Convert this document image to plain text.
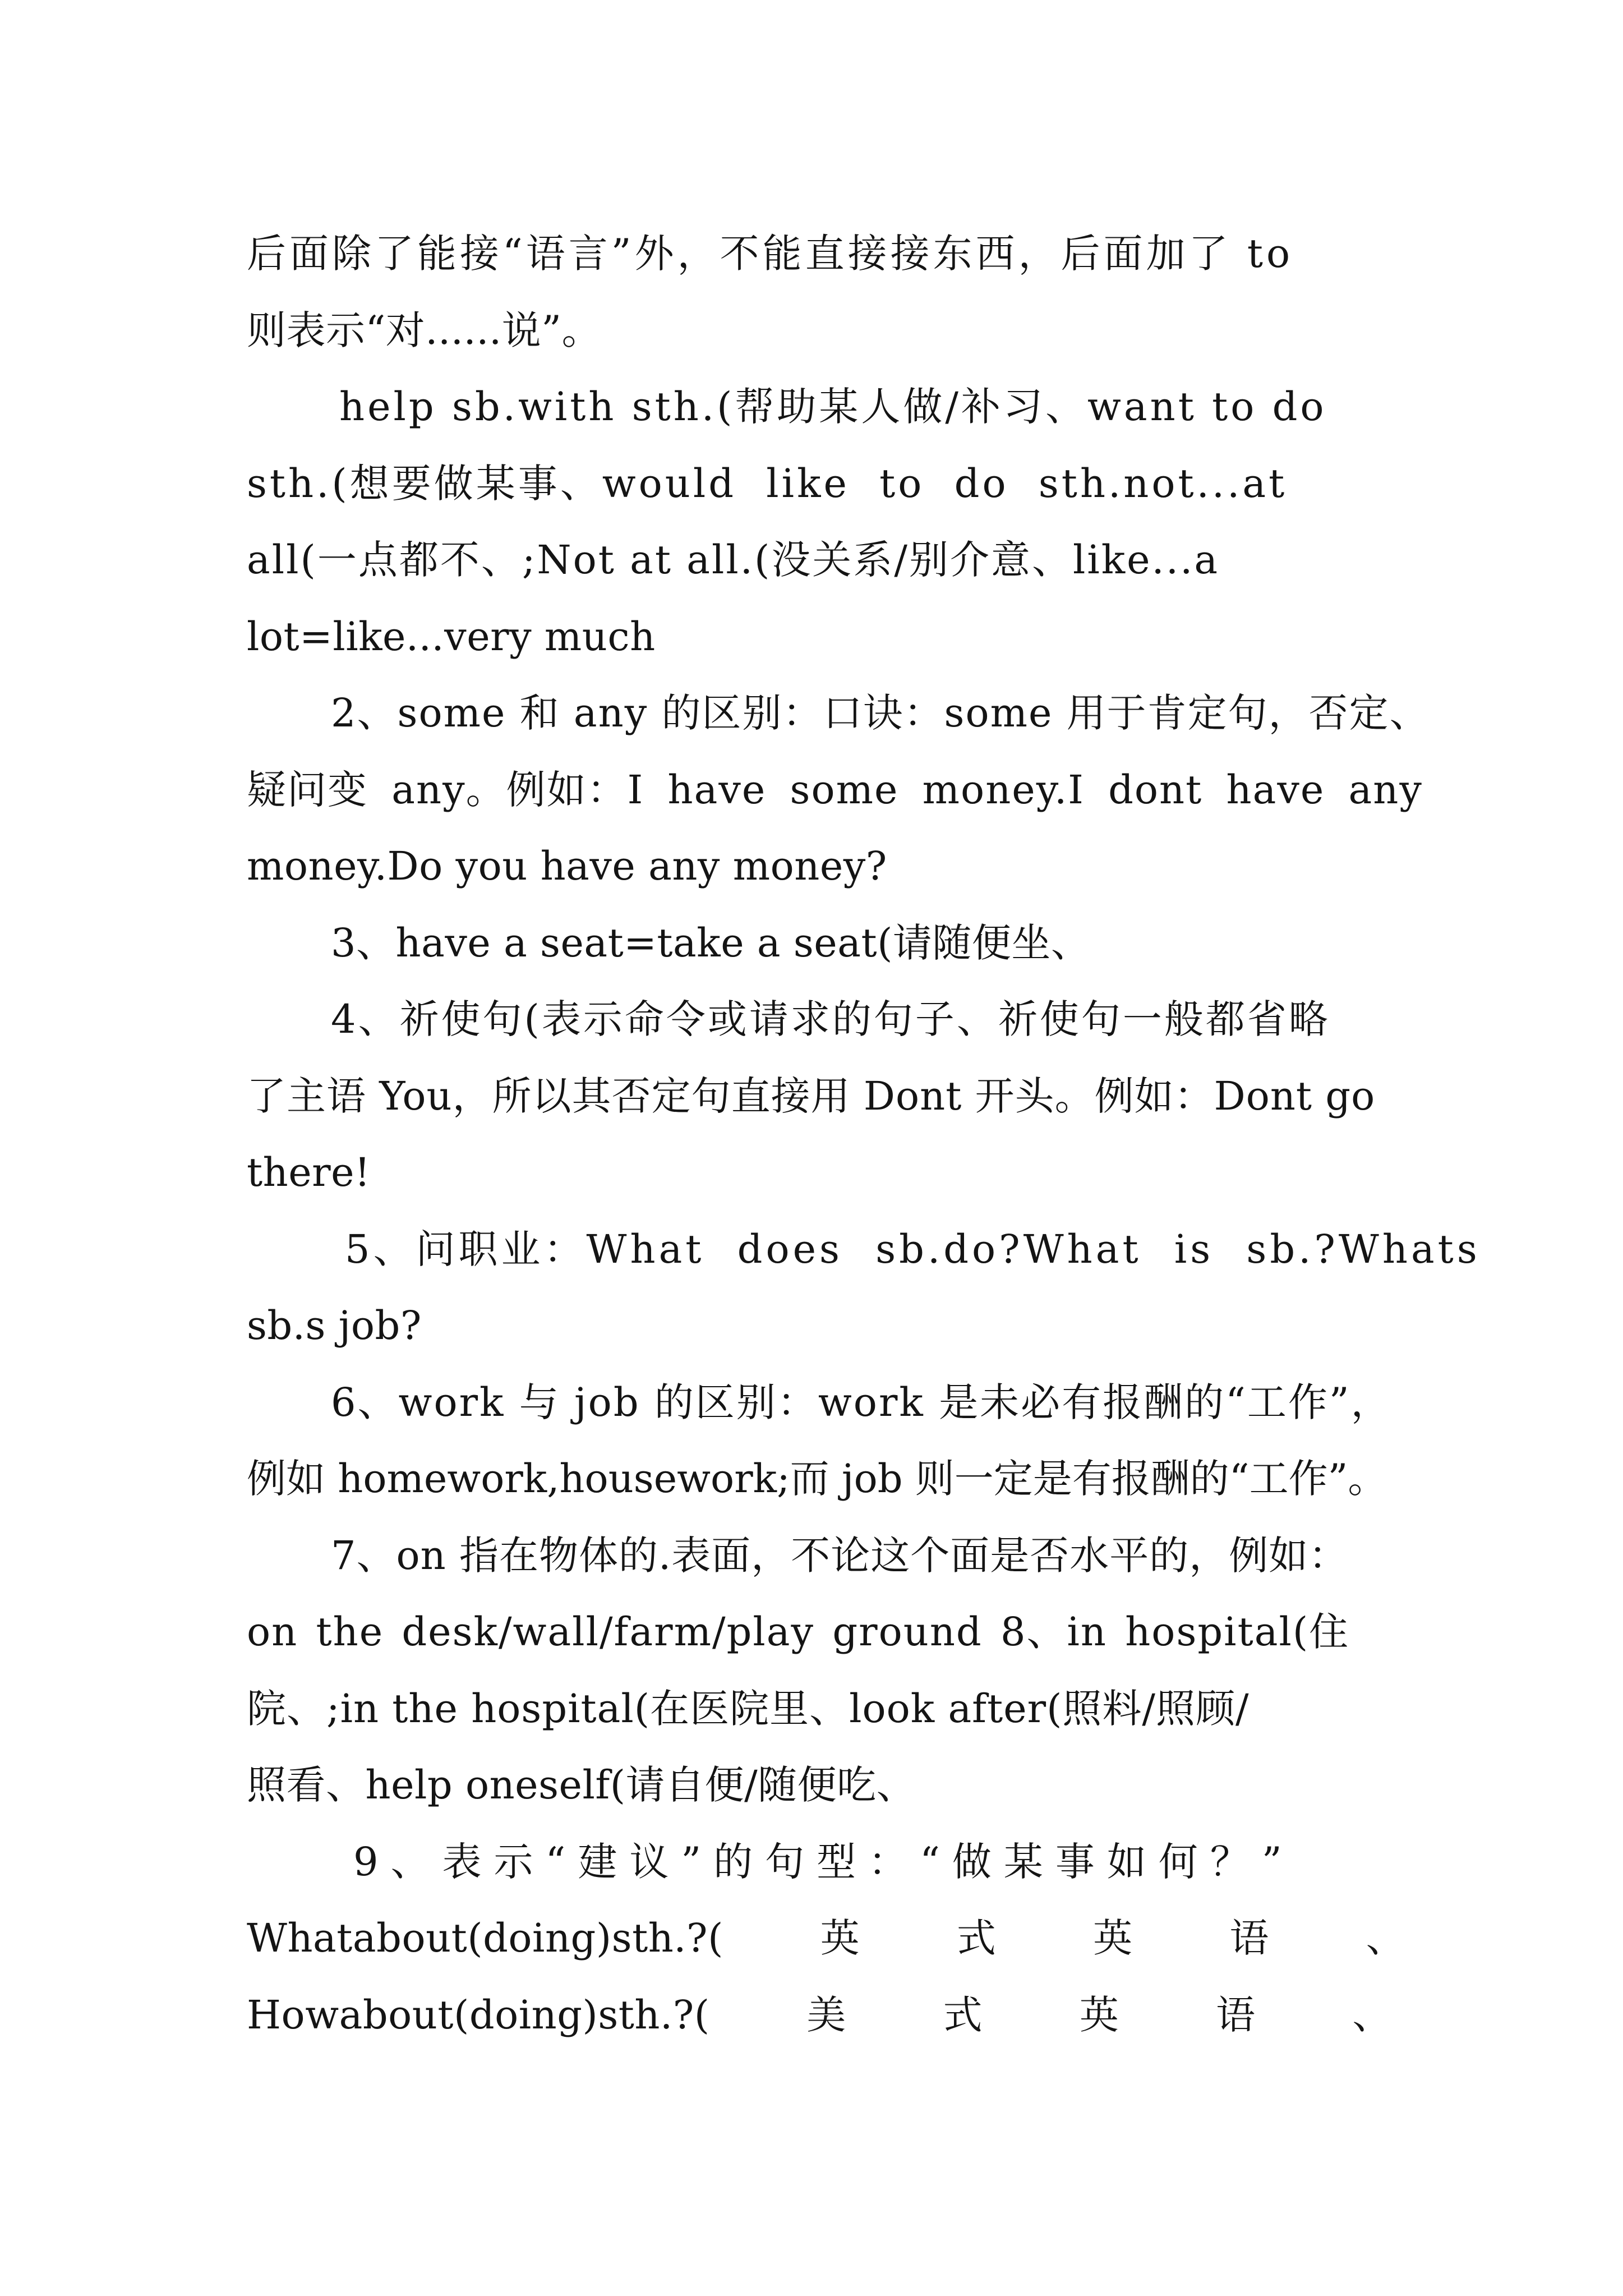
后面除了能接“语言”外，不能直接接东西，后面加了 to
则表示“对......说”。
help sb.with sth.(帮助某人做/补习、want to do
sth.(想要做某事、would like to do sth.not...at
all(一点都不、;Not at all.(没关系/别介意、like...a
lot=like...very much
2、some 和 any 的区别：口诀：some 用于肯定句，否定、
疑问变 any。例如：I have some money.I dont have any
money.Do you have any money?
3、have a seat=take a seat(请随便坐、
4、祈使句(表示命令或请求的句子、祈使句一般都省略
了主语 You，所以其否定句直接用 Dont 开头。例如：Dont go
there!
5、问职业：What does sb.do?What is sb.?Whats
sb.s job?
6、work 与 job 的区别：work 是未必有报酬的“工作”，
例如 homework,housework;而 job 则一定是有报酬的“工作”。
7、on 指在物体的.表面，不论这个面是否水平的，例如：
on the desk/wall/farm/play ground 8、in hospital(住
院、;in the hospital(在医院里、look after(照料/照顾/
照看、help oneself(请自便/随便吃、
9、表示“建议”的句型：“做某事如何？”
Whatabout(doing)sth.?( 英 式 英 语 、
Howabout(doing)sth.?( 美 式 英 语 、
